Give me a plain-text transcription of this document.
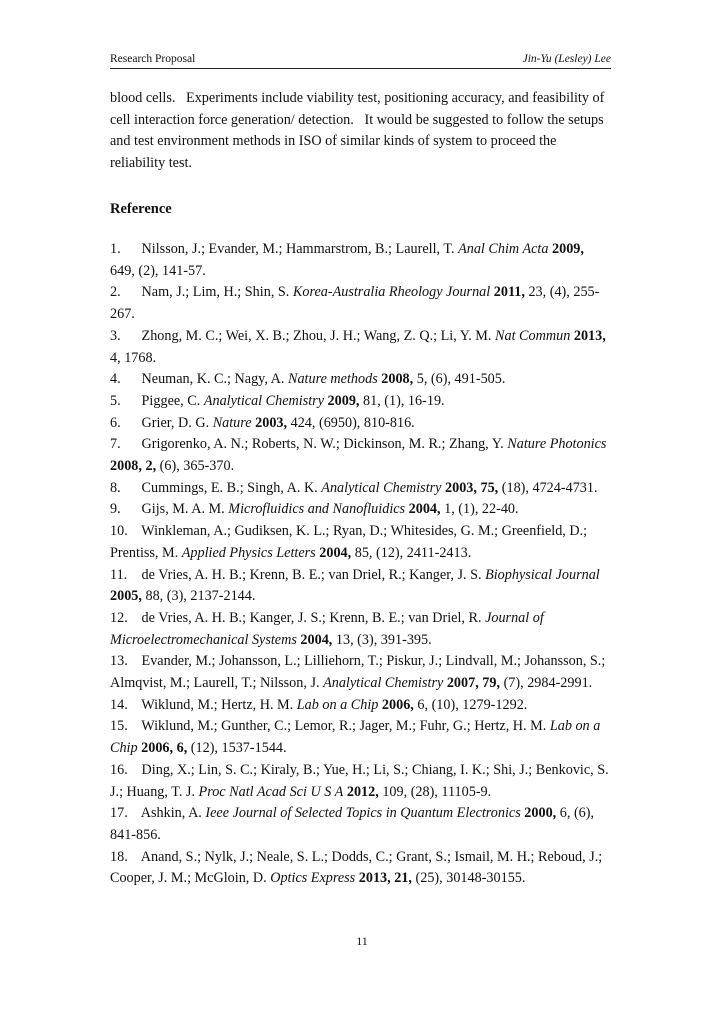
Research Proposal	Jin-Yu (Lesley) Lee

blood cells.   Experiments include viability test, positioning accuracy, and feasibility of cell interaction force generation/ detection.   It would be suggested to follow the setups and test environment methods in ISO of similar kinds of system to proceed the reliability test.

Reference

1. Nilsson, J.; Evander, M.; Hammarstrom, B.; Laurell, T. Anal Chim Acta 2009, 649, (2), 141-57.

2. Nam, J.; Lim, H.; Shin, S. Korea-Australia Rheology Journal 2011, 23, (4), 255-267.

3. Zhong, M. C.; Wei, X. B.; Zhou, J. H.; Wang, Z. Q.; Li, Y. M. Nat Commun 2013, 4, 1768.

4. Neuman, K. C.; Nagy, A. Nature methods 2008, 5, (6), 491-505.

5. Piggee, C. Analytical Chemistry 2009, 81, (1), 16-19.

6. Grier, D. G. Nature 2003, 424, (6950), 810-816.

7. Grigorenko, A. N.; Roberts, N. W.; Dickinson, M. R.; Zhang, Y. Nature Photonics 2008, 2, (6), 365-370.

8. Cummings, E. B.; Singh, A. K. Analytical Chemistry 2003, 75, (18), 4724-4731.

9. Gijs, M. A. M. Microfluidics and Nanofluidics 2004, 1, (1), 22-40.

10. Winkleman, A.; Gudiksen, K. L.; Ryan, D.; Whitesides, G. M.; Greenfield, D.; Prentiss, M. Applied Physics Letters 2004, 85, (12), 2411-2413.

11. de Vries, A. H. B.; Krenn, B. E.; van Driel, R.; Kanger, J. S. Biophysical Journal 2005, 88, (3), 2137-2144.

12. de Vries, A. H. B.; Kanger, J. S.; Krenn, B. E.; van Driel, R. Journal of Microelectromechanical Systems 2004, 13, (3), 391-395.

13. Evander, M.; Johansson, L.; Lilliehorn, T.; Piskur, J.; Lindvall, M.; Johansson, S.; Almqvist, M.; Laurell, T.; Nilsson, J. Analytical Chemistry 2007, 79, (7), 2984-2991.

14. Wiklund, M.; Hertz, H. M. Lab on a Chip 2006, 6, (10), 1279-1292.

15. Wiklund, M.; Gunther, C.; Lemor, R.; Jager, M.; Fuhr, G.; Hertz, H. M. Lab on a Chip 2006, 6, (12), 1537-1544.

16. Ding, X.; Lin, S. C.; Kiraly, B.; Yue, H.; Li, S.; Chiang, I. K.; Shi, J.; Benkovic, S. J.; Huang, T. J. Proc Natl Acad Sci U S A 2012, 109, (28), 11105-9.

17. Ashkin, A. Ieee Journal of Selected Topics in Quantum Electronics 2000, 6, (6), 841-856.

18. Anand, S.; Nylk, J.; Neale, S. L.; Dodds, C.; Grant, S.; Ismail, M. H.; Reboud, J.; Cooper, J. M.; McGloin, D. Optics Express 2013, 21, (25), 30148-30155.

11
